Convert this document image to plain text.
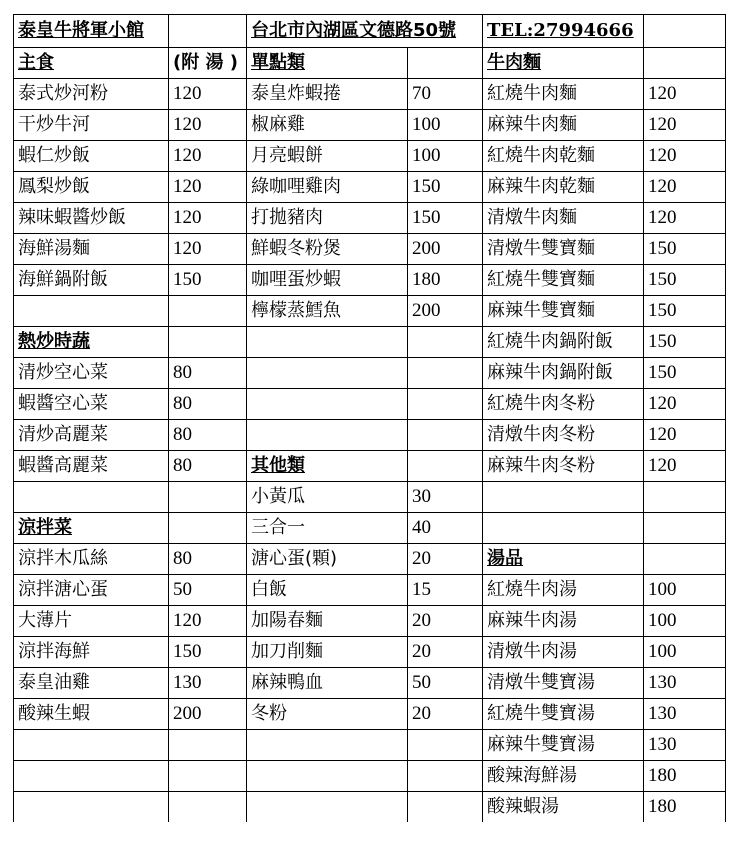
泰皇牛將軍小館		台北市內湖區文德路50號		TEL:27994666	
主食	(附 湯 )	單點類		牛肉麵	
泰式炒河粉	120	泰皇炸蝦捲	70	紅燒牛肉麵	120
干炒牛河	120	椒麻雞	100	麻辣牛肉麵	120
蝦仁炒飯	120	月亮蝦餅	100	紅燒牛肉乾麵	120
鳳梨炒飯	120	綠咖哩雞肉	150	麻辣牛肉乾麵	120
辣味蝦醬炒飯	120	打拋豬肉	150	清燉牛肉麵	120
海鮮湯麵	120	鮮蝦冬粉煲	200	清燉牛雙寶麵	150
海鮮鍋附飯	150	咖哩蛋炒蝦	180	紅燒牛雙寶麵	150
		檸檬蒸鱈魚	200	麻辣牛雙寶麵	150
熱炒時蔬				紅燒牛肉鍋附飯	150
清炒空心菜	80			麻辣牛肉鍋附飯	150
蝦醬空心菜	80			紅燒牛肉冬粉	120
清炒高麗菜	80			清燉牛肉冬粉	120
蝦醬高麗菜	80	其他類		麻辣牛肉冬粉	120
		小黃瓜	30		
涼拌菜		三合一	40		
涼拌木瓜絲	80	溏心蛋(顆)	20	湯品	
涼拌溏心蛋	50	白飯	15	紅燒牛肉湯	100
大薄片	120	加陽春麵	20	麻辣牛肉湯	100
涼拌海鮮	150	加刀削麵	20	清燉牛肉湯	100
泰皇油雞	130	麻辣鴨血	50	清燉牛雙寶湯	130
酸辣生蝦	200	冬粉	20	紅燒牛雙寶湯	130
				麻辣牛雙寶湯	130
				酸辣海鮮湯	180
				酸辣蝦湯	180
